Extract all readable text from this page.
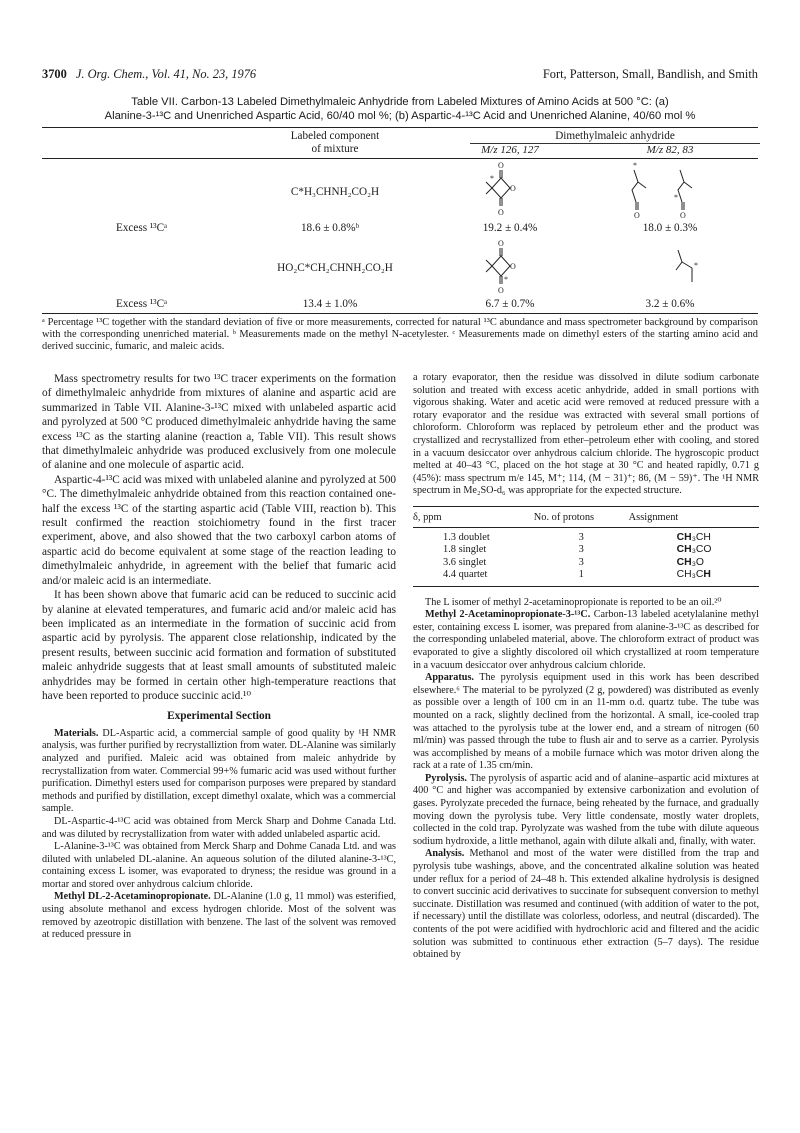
3700 J. Org. Chem., Vol. 41, No. 23, 1976	Fort, Patterson, Small, Bandlish, and Smith
Table VII. Carbon-13 Labeled Dimethylmaleic Anhydride from Labeled Mixtures of Amino Acids at 500 °C: (a)
Alanine-3-¹³C and Unenriched Aspartic Acid, 60/40 mol %; (b) Aspartic-4-¹³C Acid and Unenriched Alanine, 40/60 mol %
Labeled component
of mixture
Dimethylmaleic anhydride
M/z 126, 127	M/z 82, 83
C*H₃CHNH₂CO₂H
O
O
O
*
*
O
*
O
Excess ¹³Cᵃ	18.6 ± 0.8%ᵇ	19.2 ± 0.4%	18.0 ± 0.3%
HO₂C*CH₂CHNH₂CO₂H
O
O
O
*
*
Excess ¹³Cᵃ	13.4 ± 1.0%	6.7 ± 0.7%	3.2 ± 0.6%
ᵃ Percentage ¹³C together with the standard deviation of five or more measurements, corrected for natural ¹³C abundance and mass spectrometer background by comparison with the corresponding unenriched material. ᵇ Measurements made on the methyl N-acetylester. ᶜ Measurements made on dimethyl esters of the starting amino acid and derived succinic, fumaric, and maleic acids.

Mass spectrometry results for two ¹³C tracer experiments on the formation of dimethylmaleic anhydride from mixtures of alanine and aspartic acid are summarized in Table VII. Alanine-3-¹³C mixed with unlabeled aspartic acid and pyrolyzed at 500 °C produced dimethylmaleic anhydride having the same excess ¹³C as the starting alanine (reaction a, Table VII). This result shows that dimethylmaleic anhydride was produced exclusively from one molecule of alanine and one molecule of aspartic acid.

Aspartic-4-¹³C acid was mixed with unlabeled alanine and pyrolyzed at 500 °C. The dimethylmaleic anhydride obtained from this reaction contained one-half the excess ¹³C of the starting aspartic acid (Table VIII, reaction b). This result confirmed the reaction stoichiometry found in the first tracer experiment, above, and also showed that the two carboxyl carbon atoms of aspartic acid do become equivalent at some stage of the reaction leading to dimethylmaleic anhydride, in agreement with the belief that fumaric acid and/or maleic acid is an intermediate.

It has been shown above that fumaric acid can be reduced to succinic acid by alanine at elevated temperatures, and fumaric acid and/or maleic acid has been implicated as an intermediate in the formation of succinic acid from aspartic acid by pyrolysis. The apparent close relationship, indicated by the present results, between succinic acid formation and formation of substituted maleic anhydride suggests that at least small amounts of substituted maleic anhydrides may be formed in certain other high-temperature reactions that have been reported to produce succinic acid.¹⁰

Experimental Section

Materials. DL-Aspartic acid, a commercial sample of good quality by ¹H NMR analysis, was further purified by recrystalliztion from water. DL-Alanine was similarly analyzed and purified. Maleic acid was obtained from maleic anhydride by recrystallization from water. Commercial 99+% fumaric acid was used without further purification. Dimethyl esters used for comparison purposes were prepared by standard methods and purified by distillation, except dimethyl oxalate, which was a commercial sample.

DL-Aspartic-4-¹³C acid was obtained from Merck Sharp and Dohme Canada Ltd. and was diluted by recrystallization from water with added unlabeled aspartic acid.

L-Alanine-3-¹³C was obtained from Merck Sharp and Dohme Canada Ltd. and was diluted with unlabeled DL-alanine. An aqueous solution of the diluted alanine-3-¹³C, containing excess L isomer, was evaporated to dryness; the residue was ground in a mortar and stored over anhydrous calcium chloride.

Methyl DL-2-Acetaminopropionate. DL-Alanine (1.0 g, 11 mmol) was esterified, using absolute methanol and excess hydrogen chloride. Most of the solvent was removed by azeotropic distillation with benzene. The last of the solvent was removed at reduced pressure in

a rotary evaporator, then the residue was dissolved in dilute sodium carbonate solution and treated with excess acetic anhydride, added in small portions with vigorous shaking. Water and acetic acid were removed at reduced pressure with a rotary evaporator and the residue was extracted with several small portions of chloroform. Chloroform was replaced by petroleum ether and the product was crystallized and recrystallized from ether–petroleum ether with cooling, and stored in a vacuum desiccator over anhydrous calcium chloride. The hygroscopic product melted at 40–43 °C, placed on the hot stage at 30 °C and heated rapidly, 0.71 g (45%): mass spectrum m/e 145, M⁺; 114, (M − 31)⁺; 86, (M − 59)⁺. The ¹H NMR spectrum in Me₂SO-d₆ was appropriate for the expected structure.

δ, ppm	No. of protons	Assignment
1.3 doublet	3	CH₃CH
1.8 singlet	3	CH₃CO
3.6 singlet	3	CH₃O
4.4 quartet	1	CH₃CH

The L isomer of methyl 2-acetaminopropionate is reported to be an oil.²⁰

Methyl 2-Acetaminopropionate-3-¹³C. Carbon-13 labeled acetylalanine methyl ester, containing excess L isomer, was prepared from alanine-3-¹³C as described for the corresponding unlabeled material, above. The chloroform extract of product was evaporated to give a slightly discolored oil which crystallized at room temperature in a vacuum desiccator over anhydrous calcium chloride.

Apparatus. The pyrolysis equipment used in this work has been described elsewhere.⁶ The material to be pyrolyzed (2 g, powdered) was distributed as evenly as possible over a length of 100 cm in an 11-mm o.d. quartz tube. The tube was mounted on a rack, slightly declined from the horizontal. A small, ice-cooled trap was attached to the pyrolysis tube at the lower end, and a stream of nitrogen (60 ml/min) was passed through the tube to flush air and to serve as a carrier. Pyrolysis was accomplished by means of a mobile furnace which was motor driven along the rack at a rate of 1.35 cm/min.

Pyrolysis. The pyrolysis of aspartic acid and of alanine–aspartic acid mixtures at 400 °C and higher was accompanied by extensive carbonization and evolution of gases. Pyrolyzate preceded the furnace, being reheated by the furnace, and gradually moving down the pyrolysis tube. Very little condensate, mostly water droplets, collected in the cold trap. Pyrolyzate was washed from the tube with dilute aqueous sodium hydroxide, a little methanol, again with dilute alkali and, finally, with water.

Analysis. Methanol and most of the water were distilled from the trap and pyrolysis tube washings, above, and the concentrated alkaline solution was heated under reflux for a period of 24–48 h. This extended alkaline hydrolysis is designed to convert succinic acid derivatives to succinate for subsequent conversion to methyl succinate. Distillation was resumed and continued (with addition of water to the pot, if necessary) until the distillate was colorless, odorless, and neutral (discarded). The contents of the pot were acidified with hydrochloric acid and filtered and the acidic solution was submitted to continuous ether extraction (5–7 days). The residue obtained by
